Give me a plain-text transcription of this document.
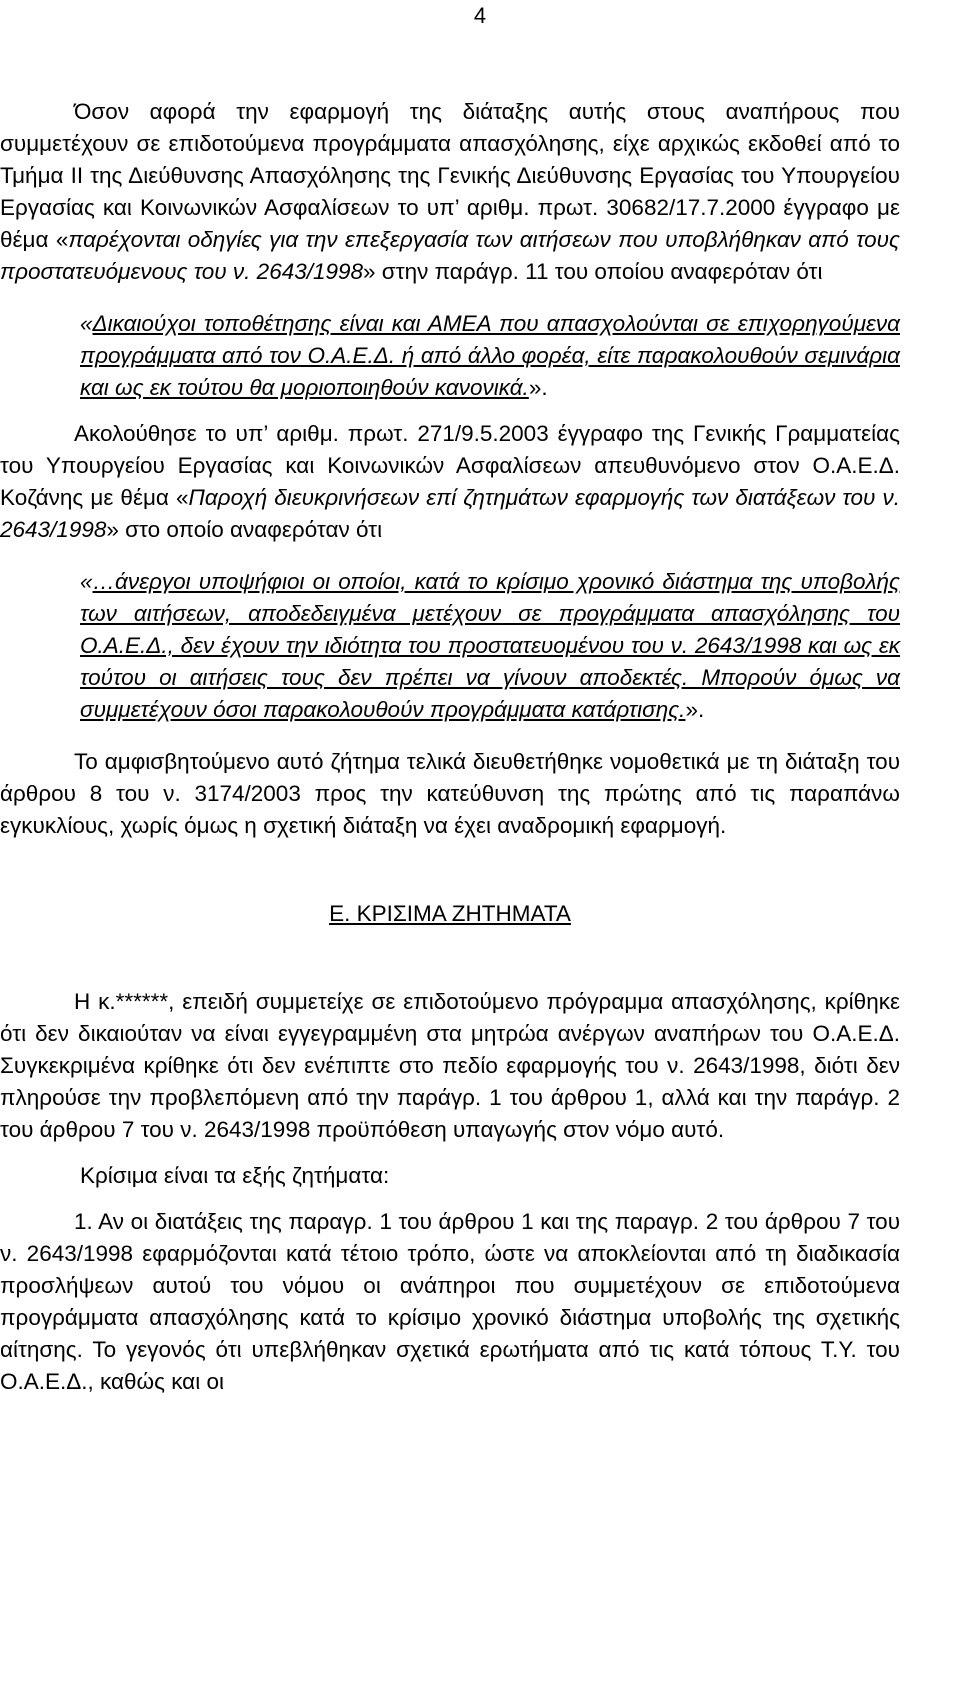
4

Όσον αφορά την εφαρμογή της διάταξης αυτής στους αναπήρους που συμμετέχουν σε επιδοτούμενα προγράμματα απασχόλησης, είχε αρχικώς εκδοθεί από το Τμήμα ΙΙ της Διεύθυνσης Απασχόλησης της Γενικής Διεύθυνσης Εργασίας του Υπουργείου Εργασίας και Κοινωνικών Ασφαλίσεων το υπ’ αριθμ. πρωτ. 30682/17.7.2000 έγγραφο με θέμα «παρέχονται οδηγίες για την επεξεργασία των αιτήσεων που υποβλήθηκαν από τους προστατευόμενους του ν. 2643/1998» στην παράγρ. 11 του οποίου αναφερόταν ότι

«Δικαιούχοι τοποθέτησης είναι και ΑΜΕΑ που απασχολούνται σε επιχορηγούμενα προγράμματα από τον Ο.Α.Ε.Δ. ή από άλλο φορέα, είτε παρακολουθούν σεμινάρια και ως εκ τούτου θα μοριοποιηθούν κανονικά.».

Ακολούθησε το υπ’ αριθμ. πρωτ. 271/9.5.2003 έγγραφο της Γενικής Γραμματείας του Υπουργείου Εργασίας και Κοινωνικών Ασφαλίσεων απευθυνόμενο στον Ο.Α.Ε.Δ. Κοζάνης με θέμα «Παροχή διευκρινήσεων επί ζητημάτων εφαρμογής των διατάξεων του ν. 2643/1998» στο οποίο αναφερόταν ότι

«…άνεργοι υποψήφιοι οι οποίοι, κατά το κρίσιμο χρονικό διάστημα της υποβολής των αιτήσεων, αποδεδειγμένα μετέχουν σε προγράμματα απασχόλησης του Ο.Α.Ε.Δ., δεν έχουν την ιδιότητα του προστατευομένου του ν. 2643/1998 και ως εκ τούτου οι αιτήσεις τους δεν πρέπει να γίνουν αποδεκτές. Μπορούν όμως να συμμετέχουν όσοι παρακολουθούν προγράμματα κατάρτισης.».

Το αμφισβητούμενο αυτό ζήτημα τελικά διευθετήθηκε νομοθετικά με τη διάταξη του άρθρου 8 του ν. 3174/2003 προς την κατεύθυνση της πρώτης από τις παραπάνω εγκυκλίους, χωρίς όμως η σχετική διάταξη να έχει αναδρομική εφαρμογή.

Ε. ΚΡΙΣΙΜΑ ΖΗΤΗΜΑΤΑ

Η κ.******, επειδή συμμετείχε σε επιδοτούμενο πρόγραμμα απασχόλησης, κρίθηκε ότι δεν δικαιούταν να είναι εγγεγραμμένη στα μητρώα ανέργων αναπήρων του Ο.Α.Ε.Δ. Συγκεκριμένα κρίθηκε ότι δεν ενέπιπτε στο πεδίο εφαρμογής του ν. 2643/1998, διότι δεν πληρούσε την προβλεπόμενη από την παράγρ. 1 του άρθρου 1, αλλά και την παράγρ. 2 του άρθρου 7 του ν. 2643/1998 προϋπόθεση υπαγωγής στον νόμο αυτό.

Κρίσιμα είναι τα εξής ζητήματα:

1. Αν οι διατάξεις της παραγρ. 1 του άρθρου 1 και της παραγρ. 2 του άρθρου 7 του ν. 2643/1998 εφαρμόζονται κατά τέτοιο τρόπο, ώστε να αποκλείονται από τη διαδικασία προσλήψεων αυτού του νόμου οι ανάπηροι που συμμετέχουν σε επιδοτούμενα προγράμματα απασχόλησης κατά το κρίσιμο χρονικό διάστημα υποβολής της σχετικής αίτησης. Το γεγονός ότι υπεβλήθηκαν σχετικά ερωτήματα από τις κατά τόπους Τ.Υ. του Ο.Α.Ε.Δ., καθώς και οι
